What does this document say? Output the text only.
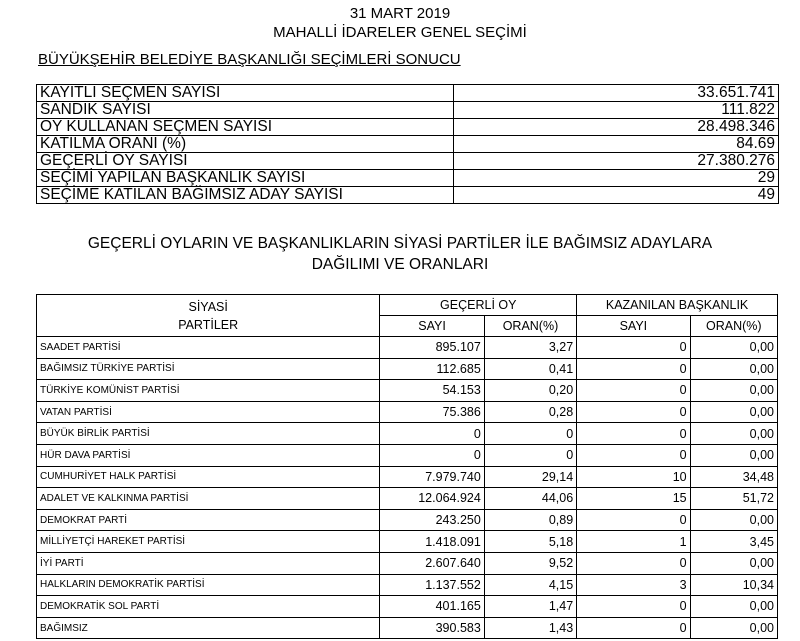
31 MART 2019
MAHALLİ İDARELER GENEL SEÇİMİ
BÜYÜKŞEHİR BELEDİYE BAŞKANLIĞI SEÇİMLERİ SONUCU
KAYITLI SEÇMEN SAYISI	33.651.741
SANDIK SAYISI	111.822
OY KULLANAN SEÇMEN SAYISI	28.498.346
KATILMA ORANI (%)	84.69
GEÇERLİ OY SAYISI	27.380.276
SEÇİMİ YAPILAN BAŞKANLIK SAYISI	29
SEÇİME KATILAN BAĞIMSIZ ADAY SAYISI	49
GEÇERLİ OYLARIN VE BAŞKANLIKLARIN SİYASİ PARTİLER İLE BAĞIMSIZ ADAYLARA
DAĞILIMI VE ORANLARI
SİYASİ
PARTİLER	GEÇERLİ OY		KAZANILAN BAŞKANLIK	
	SAYI	ORAN(%)	SAYI	ORAN(%)
SAADET PARTİSİ	895.107	3,27	0	0,00
BAĞIMSIZ TÜRKİYE PARTİSİ	112.685	0,41	0	0,00
TÜRKİYE KOMÜNİST PARTİSİ	54.153	0,20	0	0,00
VATAN PARTİSİ	75.386	0,28	0	0,00
BÜYÜK BİRLİK PARTİSİ	0	0	0	0,00
HÜR DAVA PARTİSİ	0	0	0	0,00
CUMHURİYET HALK PARTİSİ	7.979.740	29,14	10	34,48
ADALET VE KALKINMA PARTİSİ	12.064.924	44,06	15	51,72
DEMOKRAT PARTİ	243.250	0,89	0	0,00
MİLLİYETÇİ HAREKET PARTİSİ	1.418.091	5,18	1	3,45
İYİ PARTİ	2.607.640	9,52	0	0,00
HALKLARIN DEMOKRATİK PARTİSİ	1.137.552	4,15	3	10,34
DEMOKRATİK SOL PARTİ	401.165	1,47	0	0,00
BAĞIMSIZ	390.583	1,43	0	0,00
